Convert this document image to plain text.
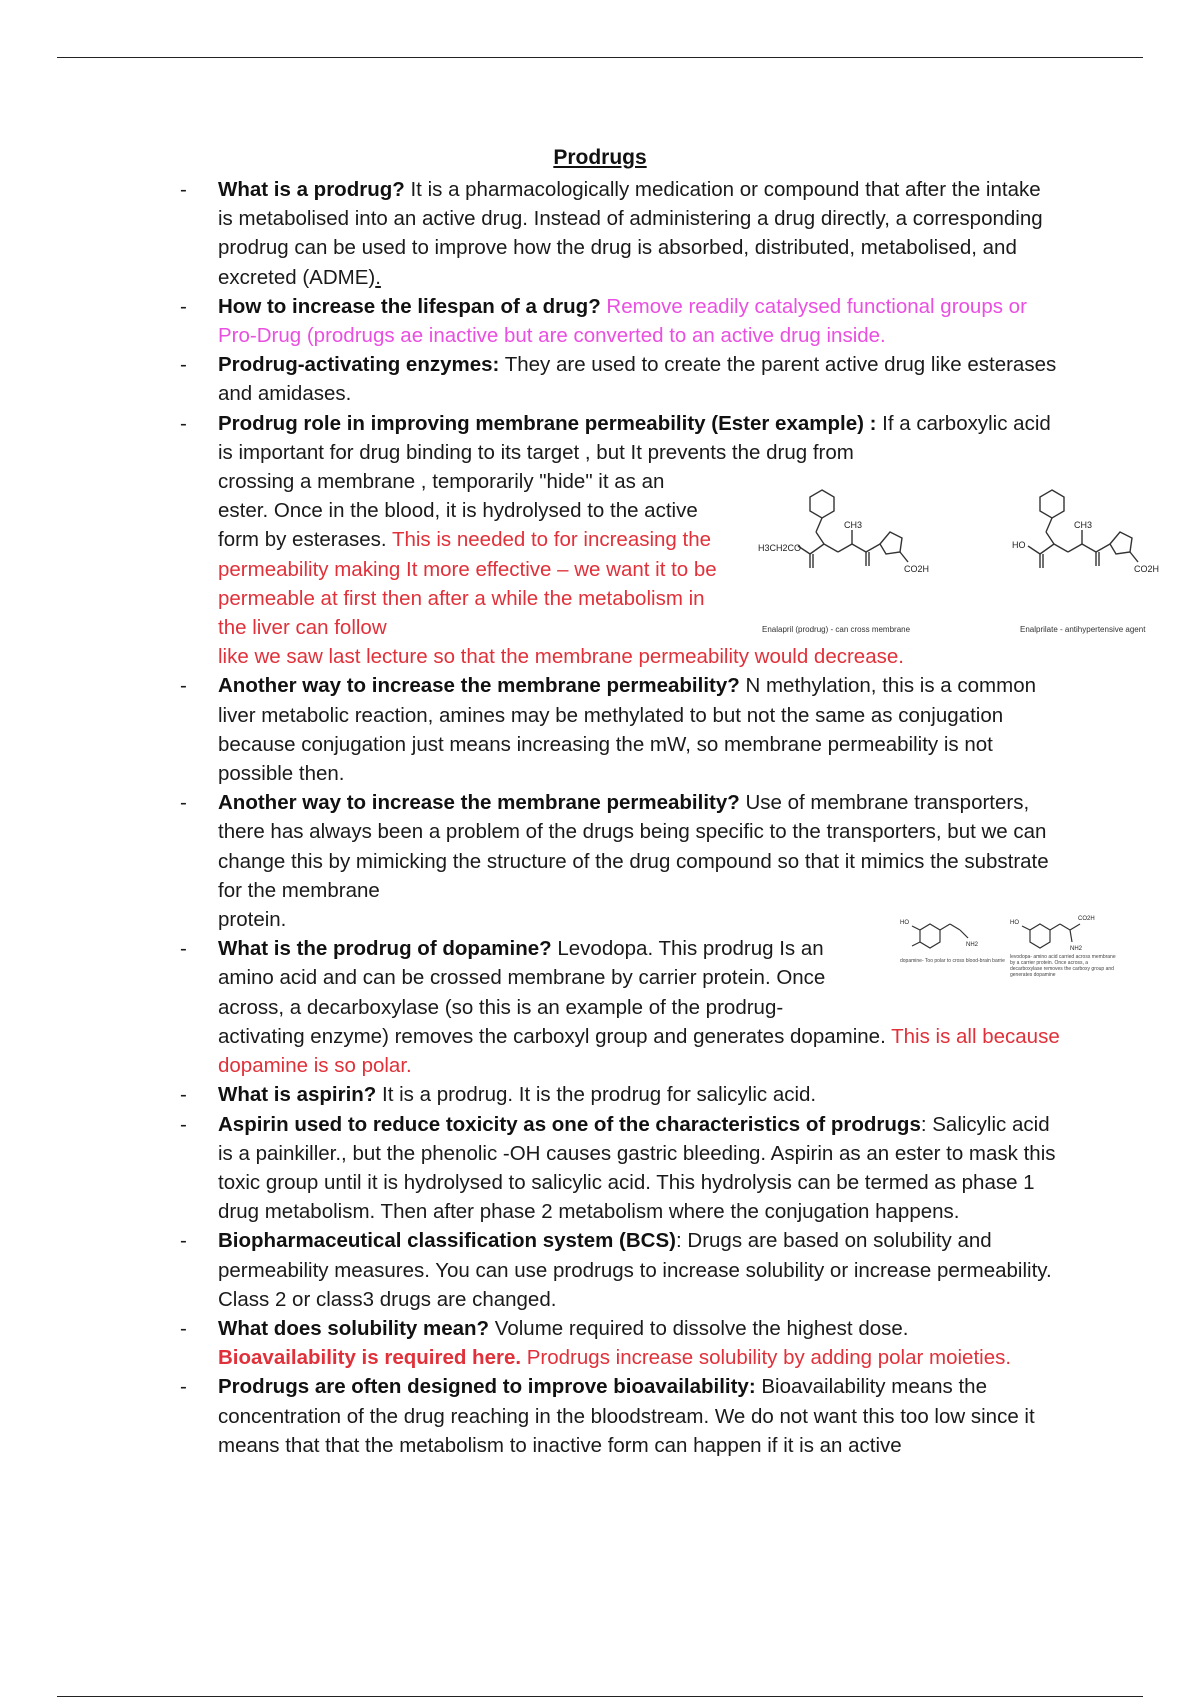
Prodrugs

- What is a prodrug? It is a pharmacologically medication or compound that after the intake is metabolised into an active drug. Instead of administering a drug directly, a corresponding prodrug can be used to improve how the drug is absorbed, distributed, metabolised, and excreted (ADME).

- How to increase the lifespan of a drug? Remove readily catalysed functional groups or Pro-Drug (prodrugs ae inactive but are converted to an active drug inside.

- Prodrug-activating enzymes: They are used to create the parent active drug like esterases and amidases.

- Prodrug role in improving membrane permeability (Ester example) : If a carboxylic acid is important for drug binding to its target , but It prevents the drug from
crossing a membrane , temporarily "hide" it as an ester. Once in the blood, it is hydrolysed to the active form by esterases. This is needed to for increasing the permeability making It more effective – we want it to be permeable at first then after a while the metabolism in the liver can follow
like we saw last lecture so that the membrane permeability would decrease.

- Another way to increase the membrane permeability? N methylation, this is a common liver metabolic reaction, amines may be methylated to but not the same as conjugation because conjugation just means increasing the mW, so membrane permeability is not possible then.

- Another way to increase the membrane permeability? Use of membrane transporters, there has always been a problem of the drugs being specific to the transporters, but we can change this by mimicking the structure of the drug compound so that it mimics the substrate for the membrane
protein.

- What is the prodrug of dopamine? Levodopa. This prodrug Is an amino acid and can be crossed membrane by carrier protein. Once across, a decarboxylase (so this is an example of the prodrug-
activating enzyme) removes the carboxyl group and generates dopamine. This is all because dopamine is so polar.

- What is aspirin? It is a prodrug. It is the prodrug for salicylic acid.

- Aspirin used to reduce toxicity as one of the characteristics of prodrugs: Salicylic acid is a painkiller., but the phenolic -OH causes gastric bleeding. Aspirin as an ester to mask this toxic group until it is hydrolysed to salicylic acid. This hydrolysis can be termed as phase 1 drug metabolism. Then after phase 2 metabolism where the conjugation happens.

- Biopharmaceutical classification system (BCS): Drugs are based on solubility and permeability measures. You can use prodrugs to increase solubility or increase permeability. Class 2 or class3 drugs are changed.

- What does solubility mean? Volume required to dissolve the highest dose.
Bioavailability is required here. Prodrugs increase solubility by adding polar moieties.

- Prodrugs are often designed to improve bioavailability: Bioavailability means the concentration of the drug reaching in the bloodstream. We do not want this too low since it means that that the metabolism to inactive form can happen if it is an active

H3CH2CO
CH3
CO2H
HO
CH3
CO2H
Enalapril (prodrug) - can cross membrane	Enalprilate - antihypertensive agent
HO
NH2
HO
CO2H
NH2
dopamine- Too polar to cross blood-brain barrie
levodopa- amino acid carried across membrane by a carrier protein. Once across, a decarboxylase removes the carboxy group and generates dopamine
